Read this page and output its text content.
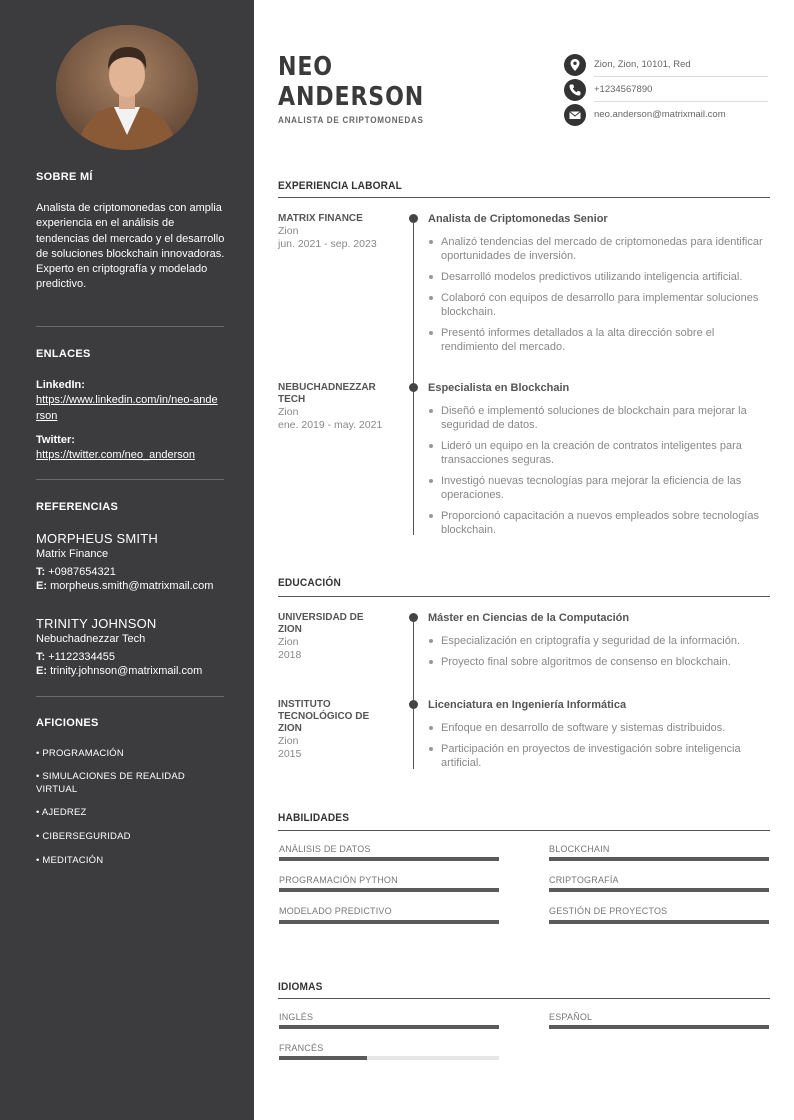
SOBRE MÍ
Analista de criptomonedas con amplia experiencia en el análisis de tendencias del mercado y el desarrollo de soluciones blockchain innovadoras. Experto en criptografía y modelado predictivo.
ENLACES
LinkedIn:
https://www.linkedin.com/in/neo-anderson
Twitter:
https://twitter.com/neo_anderson
REFERENCIAS
MORPHEUS SMITH
Matrix Finance
T: +0987654321
E: morpheus.smith@matrixmail.com
TRINITY JOHNSON
Nebuchadnezzar Tech
T: +1122334455
E: trinity.johnson@matrixmail.com
AFICIONES
• PROGRAMACIÓN
• SIMULACIONES DE REALIDAD VIRTUAL
• AJEDREZ
• CIBERSEGURIDAD
• MEDITACIÓN
NEO
ANDERSON
ANALISTA DE CRIPTOMONEDAS
Zion, Zion, 10101, Red
+1234567890
neo.anderson@matrixmail.com
EXPERIENCIA LABORAL
MATRIX FINANCE
Zion
jun. 2021 - sep. 2023
Analista de Criptomonedas Senior
Analizó tendencias del mercado de criptomonedas para identificar oportunidades de inversión.
Desarrolló modelos predictivos utilizando inteligencia artificial.
Colaboró con equipos de desarrollo para implementar soluciones blockchain.
Presentó informes detallados a la alta dirección sobre el rendimiento del mercado.
NEBUCHADNEZZAR TECH
Zion
ene. 2019 - may. 2021
Especialista en Blockchain
Diseñó e implementó soluciones de blockchain para mejorar la seguridad de datos.
Lideró un equipo en la creación de contratos inteligentes para transacciones seguras.
Investigó nuevas tecnologías para mejorar la eficiencia de las operaciones.
Proporcionó capacitación a nuevos empleados sobre tecnologías blockchain.
EDUCACIÓN
UNIVERSIDAD DE ZION
Zion
2018
Máster en Ciencias de la Computación
Especialización en criptografía y seguridad de la información.
Proyecto final sobre algoritmos de consenso en blockchain.
INSTITUTO TECNOLÓGICO DE ZION
Zion
2015
Licenciatura en Ingeniería Informática
Enfoque en desarrollo de software y sistemas distribuidos.
Participación en proyectos de investigación sobre inteligencia artificial.
HABILIDADES
ANÁLISIS DE DATOS	BLOCKCHAIN
PROGRAMACIÓN PYTHON	CRIPTOGRAFÍA
MODELADO PREDICTIVO	GESTIÓN DE PROYECTOS
IDIOMAS
INGLÉS	ESPAÑOL
FRANCÉS
